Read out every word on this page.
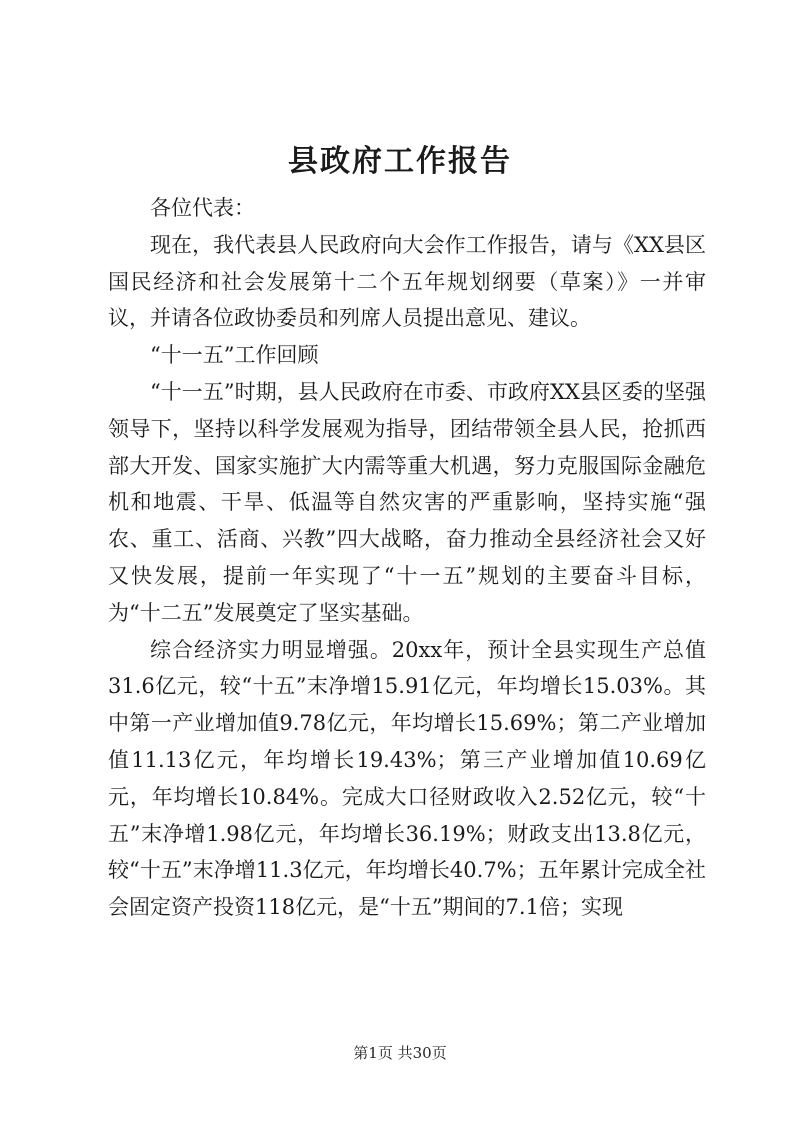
县政府工作报告

各位代表：

现在，我代表县人民政府向大会作工作报告，请与《XX县区国民经济和社会发展第十二个五年规划纲要（草案）》一并审议，并请各位政协委员和列席人员提出意见、建议。

“十一五”工作回顾

“十一五”时期，县人民政府在市委、市政府XX县区委的坚强领导下，坚持以科学发展观为指导，团结带领全县人民，抢抓西部大开发、国家实施扩大内需等重大机遇，努力克服国际金融危机和地震、干旱、低温等自然灾害的严重影响，坚持实施“强农、重工、活商、兴教”四大战略，奋力推动全县经济社会又好又快发展，提前一年实现了“十一五”规划的主要奋斗目标，为“十二五”发展奠定了坚实基础。

综合经济实力明显增强。20xx年，预计全县实现生产总值31.6亿元，较“十五”末净增15.91亿元，年均增长15.03%。其中第一产业增加值9.78亿元，年均增长15.69%；第二产业增加值11.13亿元，年均增长19.43%；第三产业增加值10.69亿元，年均增长10.84%。完成大口径财政收入2.52亿元，较“十五”末净增1.98亿元，年均增长36.19%；财政支出13.8亿元，较“十五”末净增11.3亿元，年均增长40.7%；五年累计完成全社会固定资产投资118亿元，是“十五”期间的7.1倍；实现

第1页 共30页
